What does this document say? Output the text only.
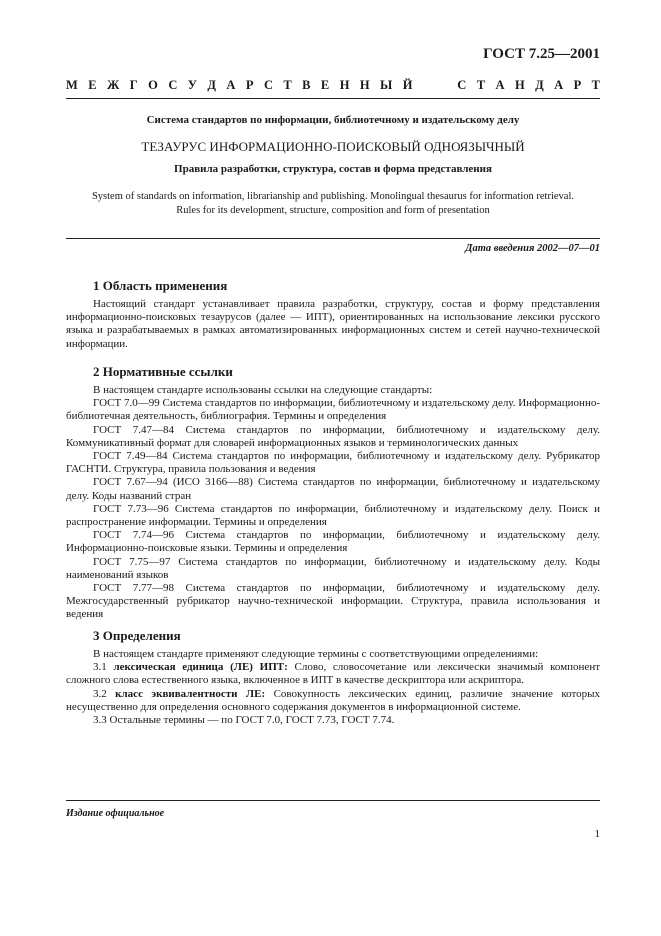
ГОСТ 7.25—2001
М Е Ж Г О С У Д А Р С Т В Е Н Н Ы Й	С Т А Н Д А Р Т
Система стандартов по информации, библиотечному и издательскому делу
ТЕЗАУРУС ИНФОРМАЦИОННО-ПОИСКОВЫЙ ОДНОЯЗЫЧНЫЙ
Правила разработки, структура, состав и форма представления
System of standards on information, librarianship and publishing. Monolingual thesaurus for information retrieval.
Rules for its development, structure, composition and form of presentation
Дата введения 2002—07—01
1 Область применения
Настоящий стандарт устанавливает правила разработки, структуру, состав и форму представления информационно-поисковых тезаурусов (далее — ИПТ), ориентированных на использование лексики русского языка и разрабатываемых в рамках автоматизированных информационных систем и сетей научно-технической информации.
2 Нормативные ссылки
В настоящем стандарте использованы ссылки на следующие стандарты:
ГОСТ 7.0—99 Система стандартов по информации, библиотечному и издательскому делу. Информационно-библиотечная деятельность, библиография. Термины и определения
ГОСТ 7.47—84 Система стандартов по информации, библиотечному и издательскому делу. Коммуникативный формат для словарей информационных языков и терминологических данных
ГОСТ 7.49—84 Система стандартов по информации, библиотечному и издательскому делу. Рубрикатор ГАСНТИ. Структура, правила пользования и ведения
ГОСТ 7.67—94 (ИСО 3166—88) Система стандартов по информации, библиотечному и издательскому делу. Коды названий стран
ГОСТ 7.73—96 Система стандартов по информации, библиотечному и издательскому делу. Поиск и распространение информации. Термины и определения
ГОСТ 7.74—96 Система стандартов по информации, библиотечному и издательскому делу. Информационно-поисковые языки. Термины и определения
ГОСТ 7.75—97 Система стандартов по информации, библиотечному и издательскому делу. Коды наименований языков
ГОСТ 7.77—98 Система стандартов по информации, библиотечному и издательскому делу. Межгосударственный рубрикатор научно-технической информации. Структура, правила использования и ведения
3 Определения
В настоящем стандарте применяют следующие термины с соответствующими определениями:
3.1 лексическая единица (ЛЕ) ИПТ: Слово, словосочетание или лексически значимый компонент сложного слова естественного языка, включенное в ИПТ в качестве дескриптора или аскриптора.
3.2 класс эквивалентности ЛЕ: Совокупность лексических единиц, различие значение которых несущественно для определения основного содержания документов в информационной системе.
3.3 Остальные термины — по ГОСТ 7.0, ГОСТ 7.73, ГОСТ 7.74.
Издание официальное
1
